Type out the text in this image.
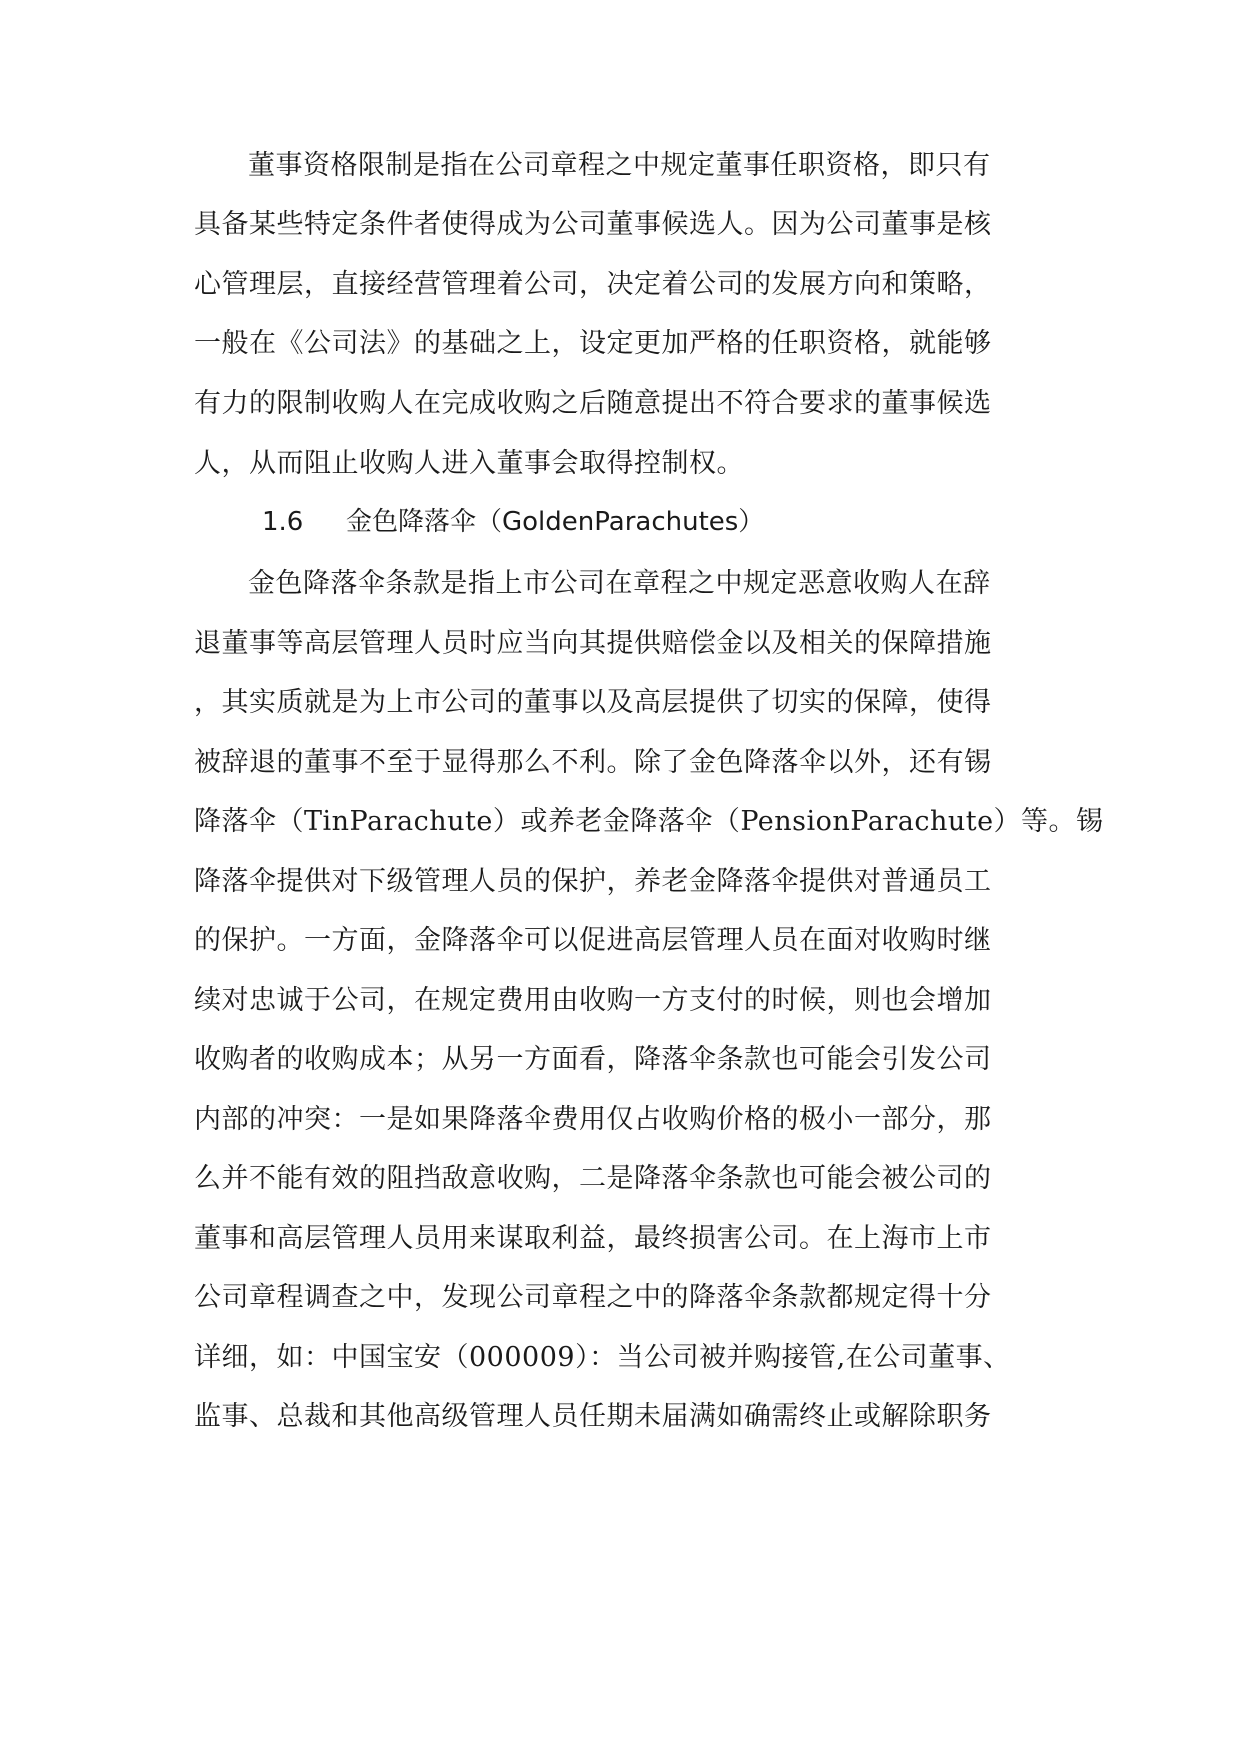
董事资格限制是指在公司章程之中规定董事任职资格，即只有
具备某些特定条件者使得成为公司董事候选人。因为公司董事是核
心管理层，直接经营管理着公司，决定着公司的发展方向和策略，
一般在《公司法》的基础之上，设定更加严格的任职资格，就能够
有力的限制收购人在完成收购之后随意提出不符合要求的董事候选
人，从而阻止收购人进入董事会取得控制权。
1.6 金色降落伞（GoldenParachutes）
金色降落伞条款是指上市公司在章程之中规定恶意收购人在辞
退董事等高层管理人员时应当向其提供赔偿金以及相关的保障措施
，其实质就是为上市公司的董事以及高层提供了切实的保障，使得
被辞退的董事不至于显得那么不利。除了金色降落伞以外，还有锡
降落伞（TinParachute）或养老金降落伞（PensionParachute）等。锡
降落伞提供对下级管理人员的保护，养老金降落伞提供对普通员工
的保护。一方面，金降落伞可以促进高层管理人员在面对收购时继
续对忠诚于公司，在规定费用由收购一方支付的时候，则也会增加
收购者的收购成本；从另一方面看，降落伞条款也可能会引发公司
内部的冲突：一是如果降落伞费用仅占收购价格的极小一部分，那
么并不能有效的阻挡敌意收购，二是降落伞条款也可能会被公司的
董事和高层管理人员用来谋取利益，最终损害公司。在上海市上市
公司章程调查之中，发现公司章程之中的降落伞条款都规定得十分
详细，如：中国宝安（000009）：当公司被并购接管,在公司董事、
监事、总裁和其他高级管理人员任期未届满如确需终止或解除职务
